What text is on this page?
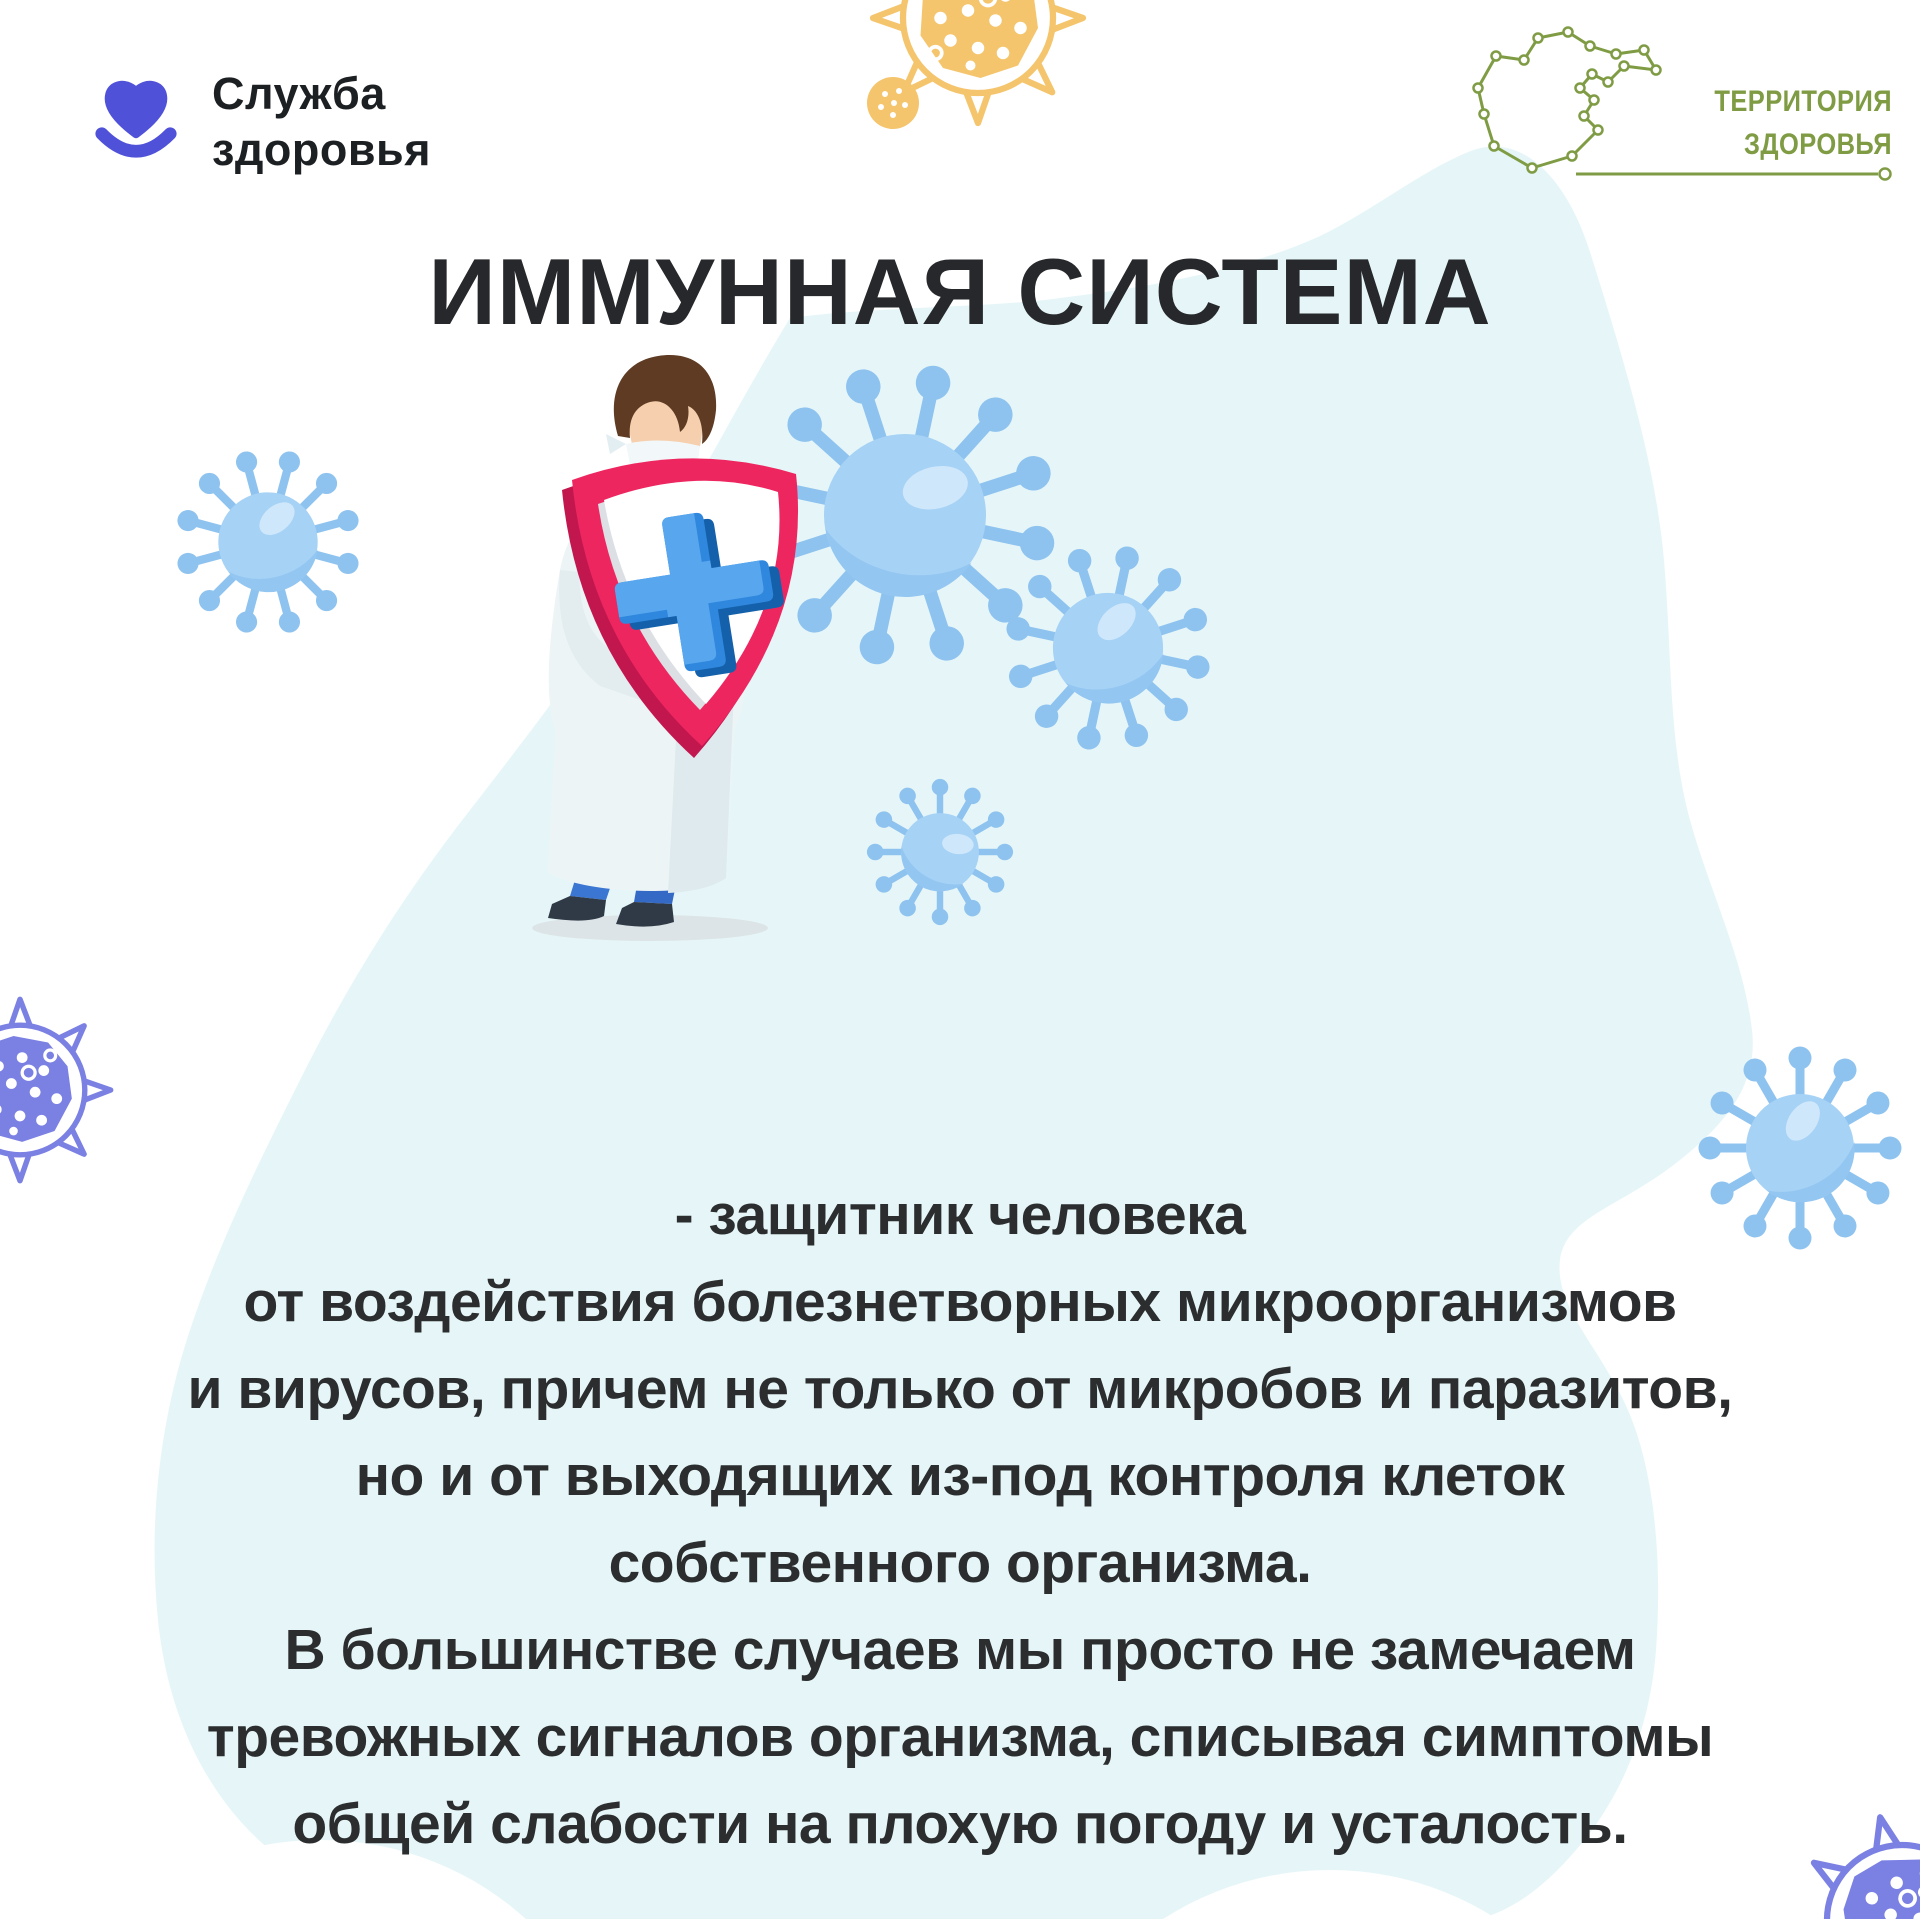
Служба
здоровья
ТЕРРИТОРИЯ
ЗДОРОВЬЯ
ИММУННАЯ СИСТЕМА
- защитник человека
от воздействия болезнетворных микроорганизмов
и вирусов, причем не только от микробов и паразитов,
но и от выходящих из-под контроля клеток
собственного организма.
В большинстве случаев мы просто не замечаем
тревожных сигналов организма, списывая симптомы
общей слабости на плохую погоду и усталость.
